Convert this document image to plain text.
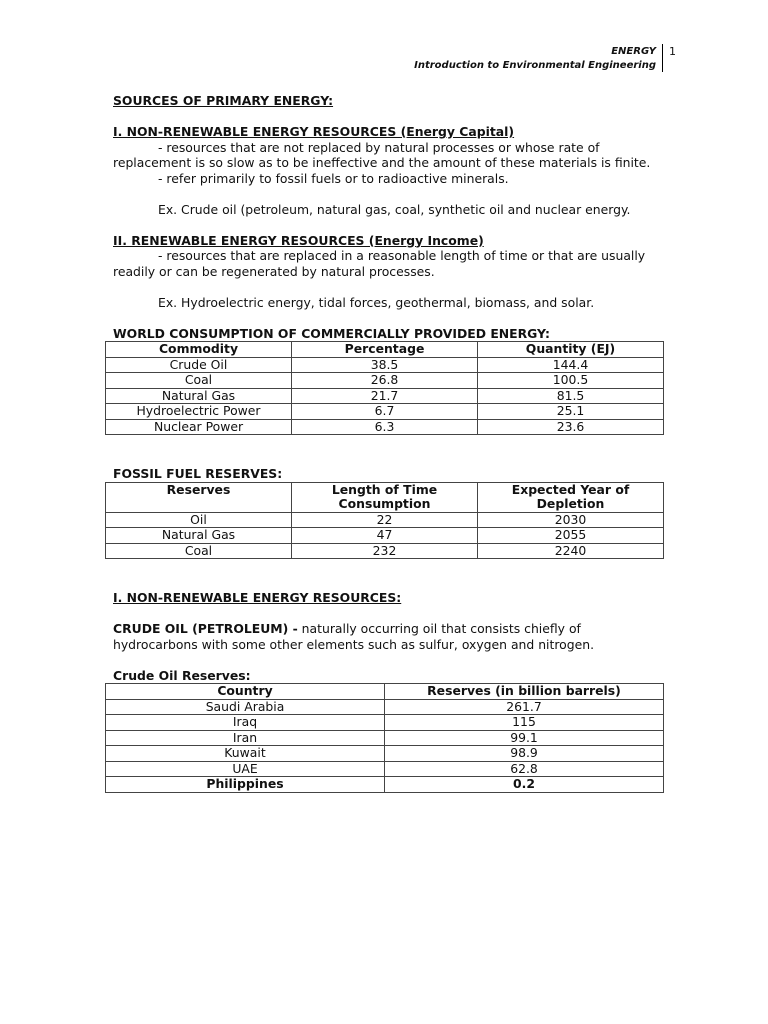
ENERGY
Introduction to Environmental Engineering
1

SOURCES OF PRIMARY ENERGY:

I. NON-RENEWABLE ENERGY RESOURCES (Energy Capital)

- resources that are not replaced by natural processes or whose rate of replacement is so slow as to be ineffective and the amount of these materials is finite.

- refer primarily to fossil fuels or to radioactive minerals.

Ex. Crude oil (petroleum, natural gas, coal, synthetic oil and nuclear energy.

II. RENEWABLE ENERGY RESOURCES (Energy Income)

- resources that are replaced in a reasonable length of time or that are usually readily or can be regenerated by natural processes.

Ex. Hydroelectric energy, tidal forces, geothermal, biomass, and solar.

WORLD CONSUMPTION OF COMMERCIALLY PROVIDED ENERGY:

Commodity	Percentage	Quantity (EJ)
Crude Oil	38.5	144.4
Coal	26.8	100.5
Natural Gas	21.7	81.5
Hydroelectric Power	6.7	25.1
Nuclear Power	6.3	23.6

FOSSIL FUEL RESERVES:

Reserves	Length of Time Consumption	Expected Year of Depletion
Oil	22	2030
Natural Gas	47	2055
Coal	232	2240

I. NON-RENEWABLE ENERGY RESOURCES:

CRUDE OIL (PETROLEUM) - naturally occurring oil that consists chiefly of hydrocarbons with some other elements such as sulfur, oxygen and nitrogen.

Crude Oil Reserves:

Country	Reserves (in billion barrels)
Saudi Arabia	261.7
Iraq	115
Iran	99.1
Kuwait	98.9
UAE	62.8
Philippines	0.2
